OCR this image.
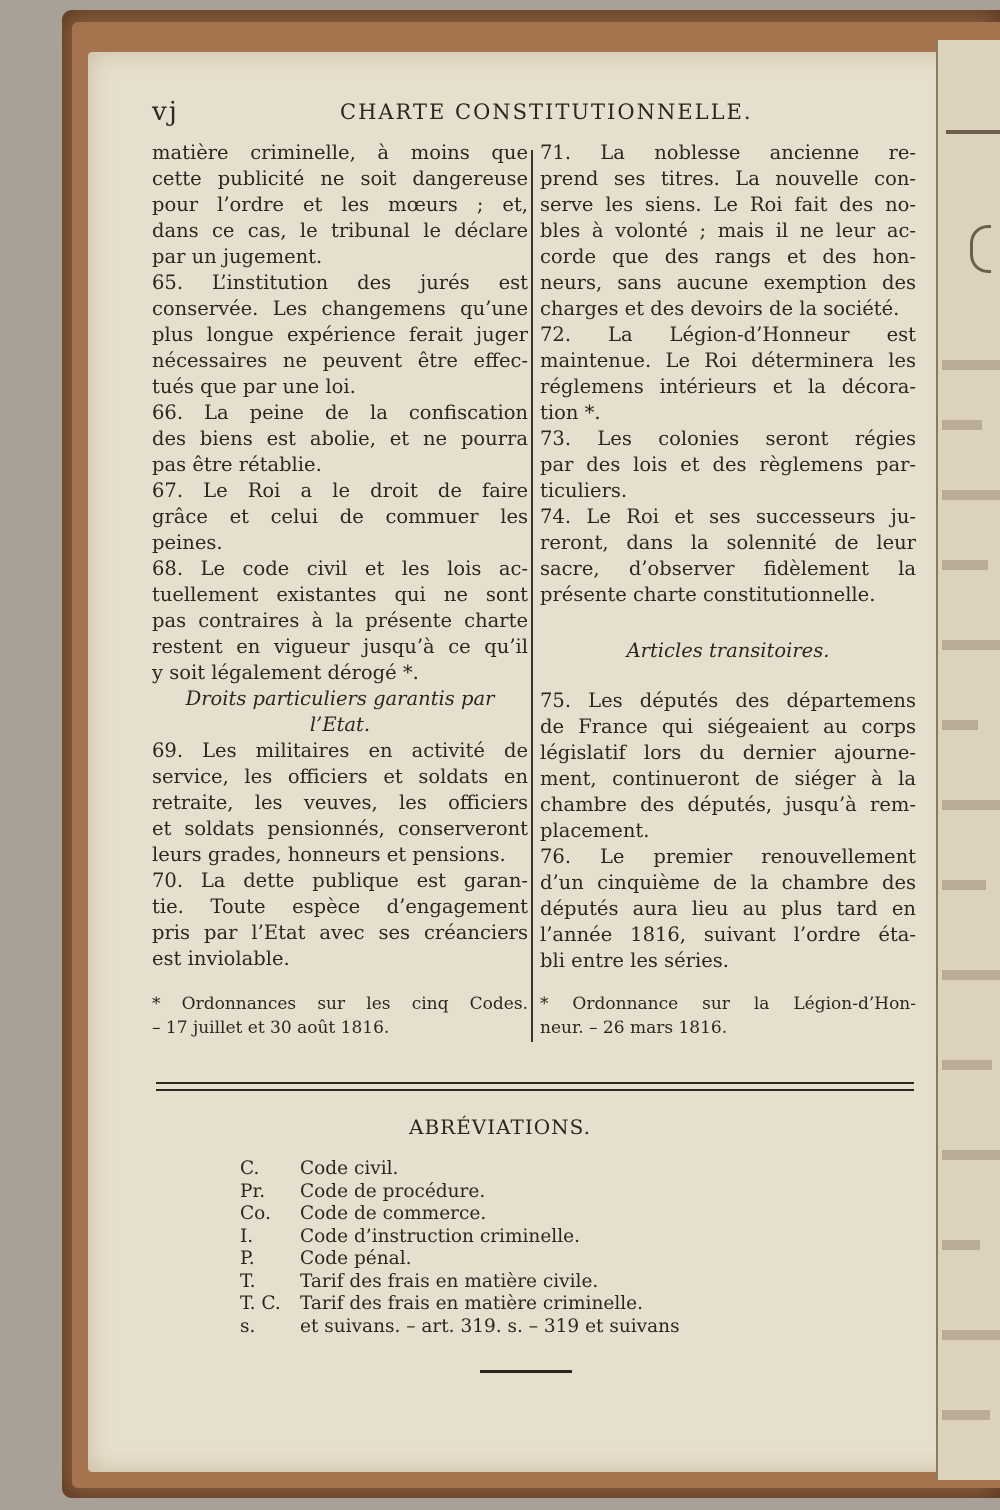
vj	CHARTE CONSTITUTIONNELLE.
matière criminelle, à moins que
cette publicité ne soit dangereuse
pour l’ordre et les mœurs ; et,
dans ce cas, le tribunal le déclare
par un jugement.
65. L’institution des jurés est
conservée. Les changemens qu’une
plus longue expérience ferait juger
nécessaires ne peuvent être effec-
tués que par une loi.
66. La peine de la confiscation
des biens est abolie, et ne pourra
pas être rétablie.
67. Le Roi a le droit de faire
grâce et celui de commuer les
peines.
68. Le code civil et les lois ac-
tuellement existantes qui ne sont
pas contraires à la présente charte
restent en vigueur jusqu’à ce qu’il
y soit légalement dérogé *.
Droits particuliers garantis par
l’Etat.
69. Les militaires en activité de
service, les officiers et soldats en
retraite, les veuves, les officiers
et soldats pensionnés, conserveront
leurs grades, honneurs et pensions.
70. La dette publique est garan-
tie. Toute espèce d’engagement
pris par l’Etat avec ses créanciers
est inviolable.
* Ordonnances sur les cinq Codes.
– 17 juillet et 30 août 1816.
71. La noblesse ancienne re-
prend ses titres. La nouvelle con-
serve les siens. Le Roi fait des no-
bles à volonté ; mais il ne leur ac-
corde que des rangs et des hon-
neurs, sans aucune exemption des
charges et des devoirs de la société.
72. La Légion-d’Honneur est
maintenue. Le Roi déterminera les
réglemens intérieurs et la décora-
tion *.
73. Les colonies seront régies
par des lois et des règlemens par-
ticuliers.
74. Le Roi et ses successeurs ju-
reront, dans la solennité de leur
sacre, d’observer fidèlement la
présente charte constitutionnelle.
Articles transitoires.
75. Les députés des départemens
de France qui siégeaient au corps
législatif lors du dernier ajourne-
ment, continueront de siéger à la
chambre des députés, jusqu’à rem-
placement.
76. Le premier renouvellement
d’un cinquième de la chambre des
députés aura lieu au plus tard en
l’année 1816, suivant l’ordre éta-
bli entre les séries.
* Ordonnance sur la Légion-d’Hon-
neur. – 26 mars 1816.
ABRÉVIATIONS.
C. Code civil.
Pr. Code de procédure.
Co. Code de commerce.
I.	Code d’instruction criminelle.
P. Code pénal.
T. Tarif des frais en matière civile.
T. C. Tarif des frais en matière criminelle.
s. et suivans. – art. 319. s. – 319 et suivans
